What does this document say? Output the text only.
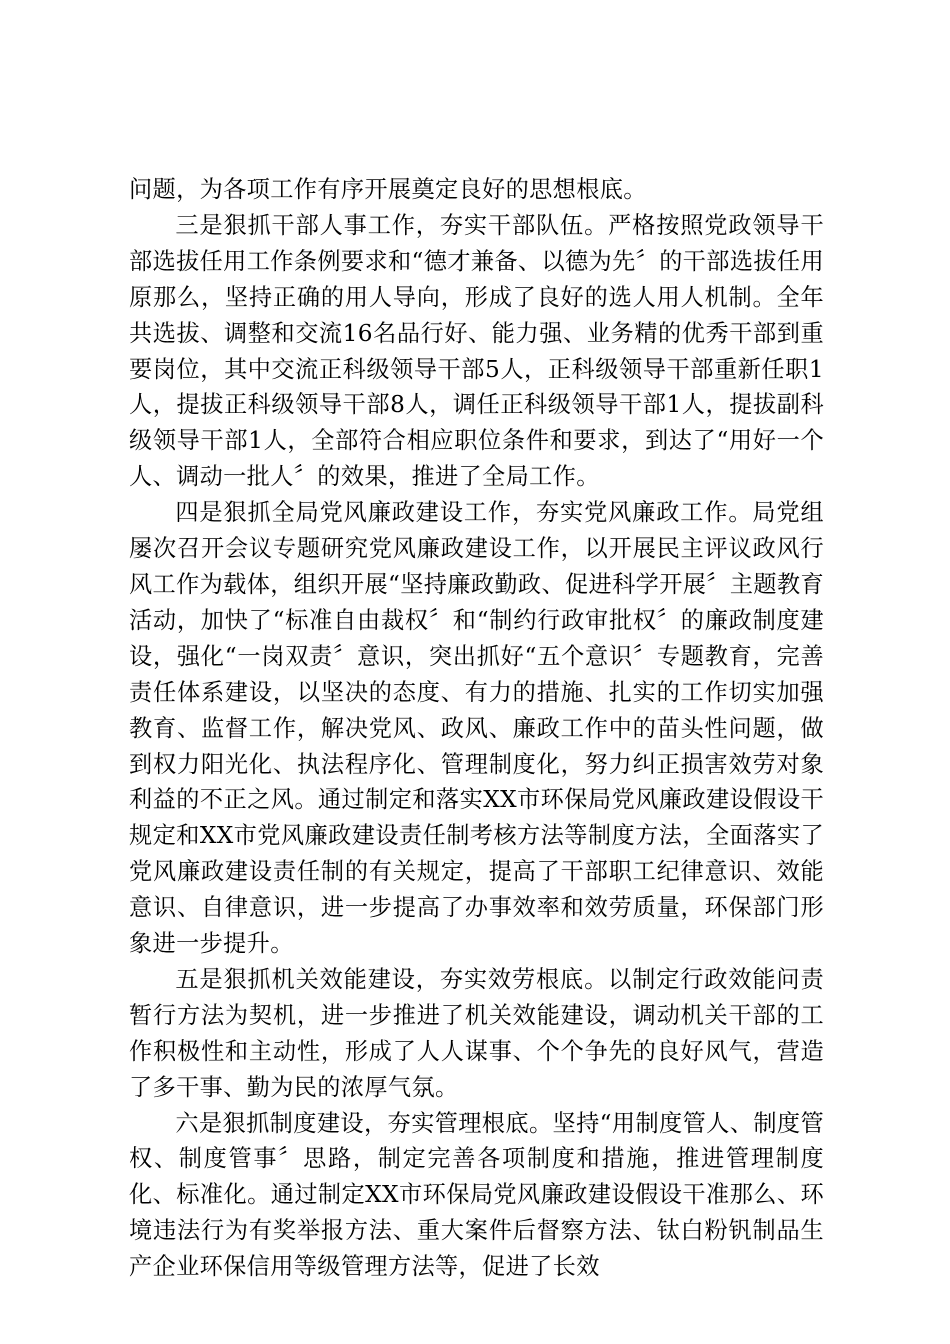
问题，为各项工作有序开展奠定良好的思想根底。

三是狠抓干部人事工作，夯实干部队伍。严格按照党政领导干部选拔任用工作条例要求和“德才兼备、以德为先〞的干部选拔任用原那么，坚持正确的用人导向，形成了良好的选人用人机制。全年共选拔、调整和交流16名品行好、能力强、业务精的优秀干部到重要岗位，其中交流正科级领导干部5人，正科级领导干部重新任职1人，提拔正科级领导干部8人，调任正科级领导干部1人，提拔副科级领导干部1人，全部符合相应职位条件和要求，到达了“用好一个人、调动一批人〞的效果，推进了全局工作。

四是狠抓全局党风廉政建设工作，夯实党风廉政工作。局党组屡次召开会议专题研究党风廉政建设工作，以开展民主评议政风行风工作为载体，组织开展“坚持廉政勤政、促进科学开展〞主题教育活动，加快了“标准自由裁权〞和“制约行政审批权〞的廉政制度建设，强化“一岗双责〞意识，突出抓好“五个意识〞专题教育，完善责任体系建设，以坚决的态度、有力的措施、扎实的工作切实加强教育、监督工作，解决党风、政风、廉政工作中的苗头性问题，做到权力阳光化、执法程序化、管理制度化，努力纠正损害效劳对象利益的不正之风。通过制定和落实XX市环保局党风廉政建设假设干规定和XX市党风廉政建设责任制考核方法等制度方法，全面落实了党风廉政建设责任制的有关规定，提高了干部职工纪律意识、效能意识、自律意识，进一步提高了办事效率和效劳质量，环保部门形象进一步提升。

五是狠抓机关效能建设，夯实效劳根底。以制定行政效能问责暂行方法为契机，进一步推进了机关效能建设，调动机关干部的工作积极性和主动性，形成了人人谋事、个个争先的良好风气，营造了多干事、勤为民的浓厚气氛。

六是狠抓制度建设，夯实管理根底。坚持“用制度管人、制度管权、制度管事〞思路，制定完善各项制度和措施，推进管理制度化、标准化。通过制定XX市环保局党风廉政建设假设干准那么、环境违法行为有奖举报方法、重大案件后督察方法、钛白粉钒制品生产企业环保信用等级管理方法等，促进了长效
